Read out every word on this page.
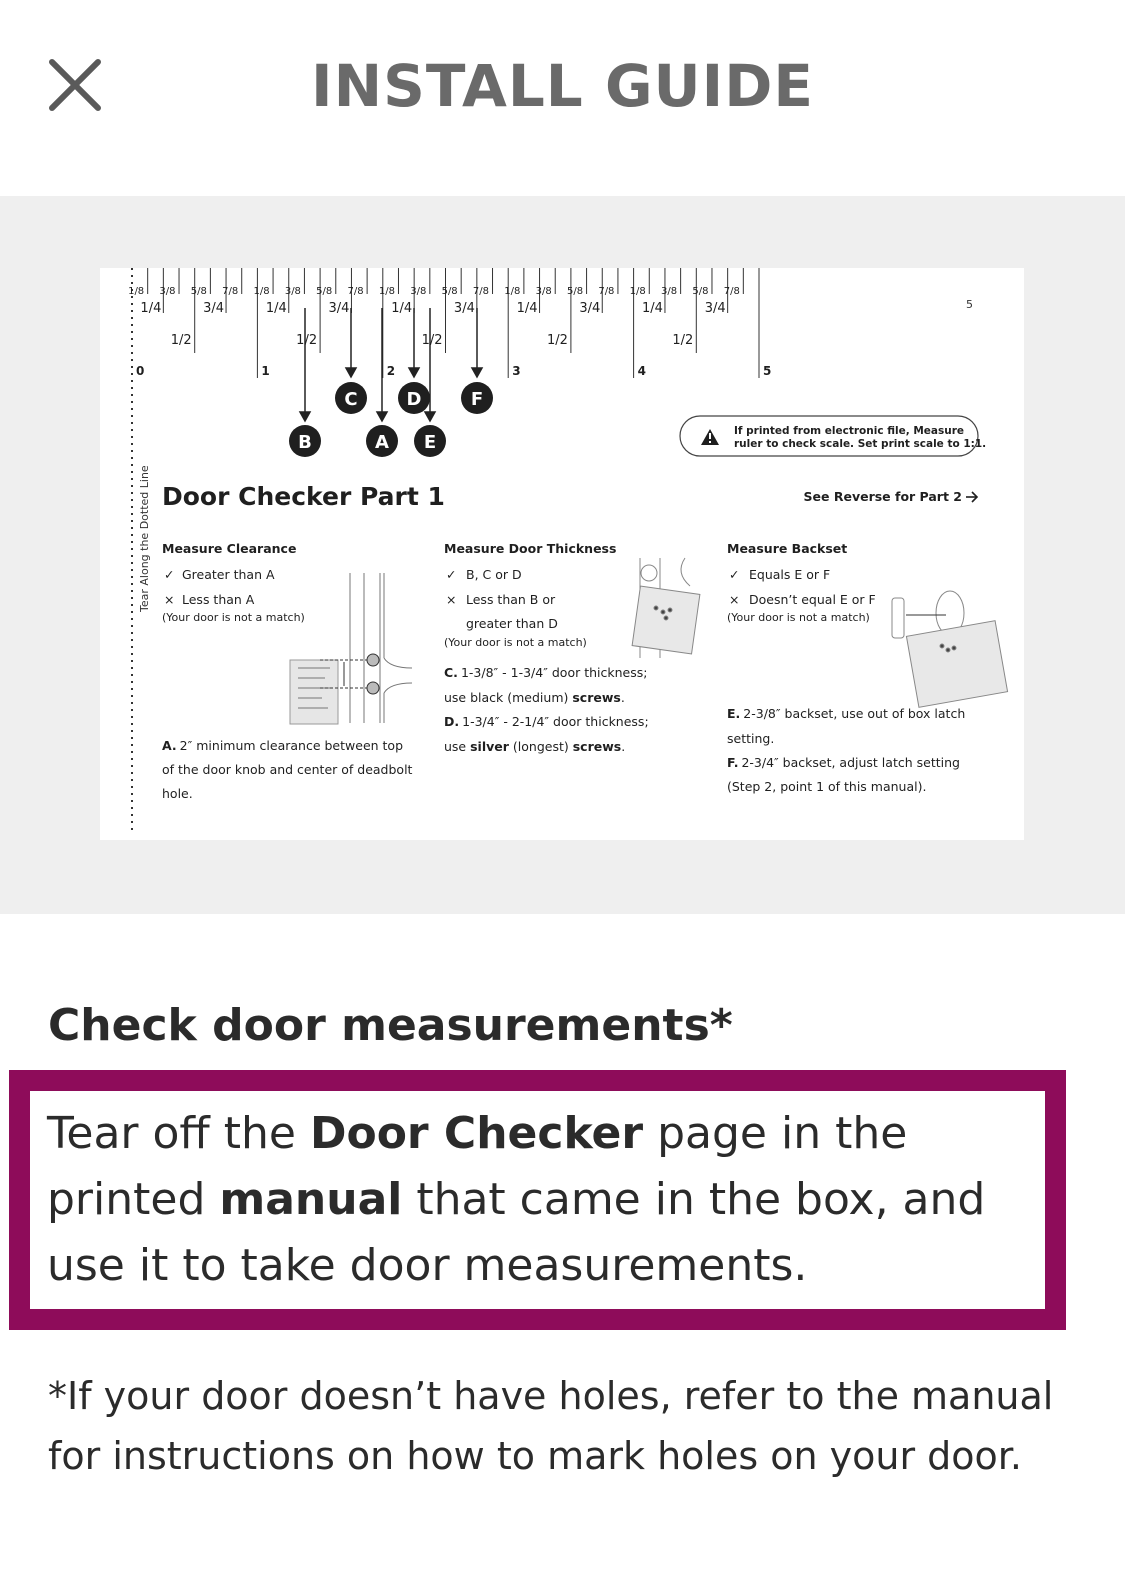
INSTALL GUIDE
Tear Along the Dotted Line
0
1/8 3/8 5/8 7/8
1/4	3/4
1/2
1
1/8 3/8 5/8 7/8
1/4	3/4
1/2
2
1/8 3/8 5/8 7/8
1/4	3/4
1/2
3
1/8 3/8 5/8 7/8
1/4	3/4
1/2
4
1/8 3/8 5/8 7/8
1/4	3/4
1/2
5
5
B
C
A
D
E
F
If printed from electronic file, Measure
ruler to check scale. Set print scale to 1:1.
Door Checker Part 1	See Reverse for Part 2
Measure Clearance
✓ Greater than A
× Less than A
(Your door is not a match)
A. 2″ minimum clearance between top
of the door knob and center of deadbolt
hole.
Measure Door Thickness
✓ B, C or D
× Less than B or
greater than D
(Your door is not a match)
C. 1-3/8″ - 1-3/4″ door thickness;
use black (medium) screws.
D. 1-3/4″ - 2-1/4″ door thickness;
use silver (longest) screws.
Measure Backset
✓ Equals E or F
× Doesn’t equal E or F
(Your door is not a match)
E. 2-3/8″ backset, use out of box latch
setting.
F. 2-3/4″ backset, adjust latch setting
(Step 2, point 1 of this manual).
Check door measurements*
Tear off the Door Checker page in the printed manual that came in the box, and use it to take door measurements.
*If your door doesn’t have holes, refer to the manual for instructions on how to mark holes on your door.
